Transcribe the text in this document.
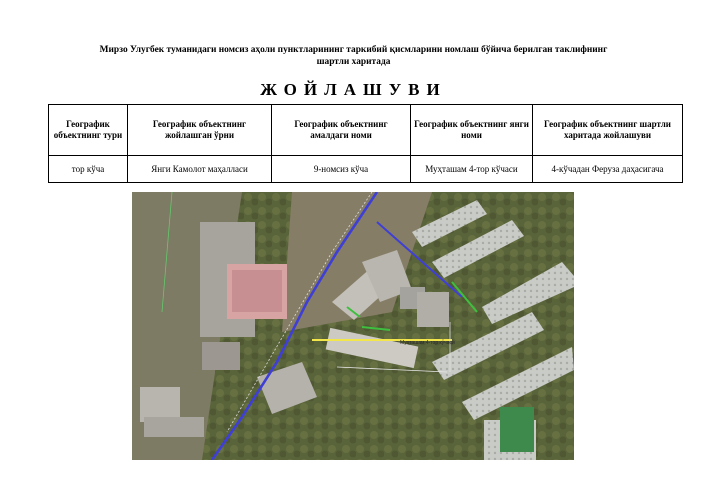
Мирзо Улугбек туманидаги номсиз аҳоли пунктларининг таркибий қисмларини номлаш бўйича берилган таклифнинг
шартли харитада
ЖОЙЛАШУВИ
Географик объектнинг тури	Географик объектнинг жойлашган ўрни	Географик объектнинг амалдаги номи	Географик объектнинг янги номи	Географик объектнинг шартли харитада жойлашуви
тор кўча	Янги Камолот маҳалласи	9-номсиз кўча	Муҳташам 4-тор кўчаси	4-кўчадан Феруза даҳасигача
Муҳташам 4-тор кўчаси
